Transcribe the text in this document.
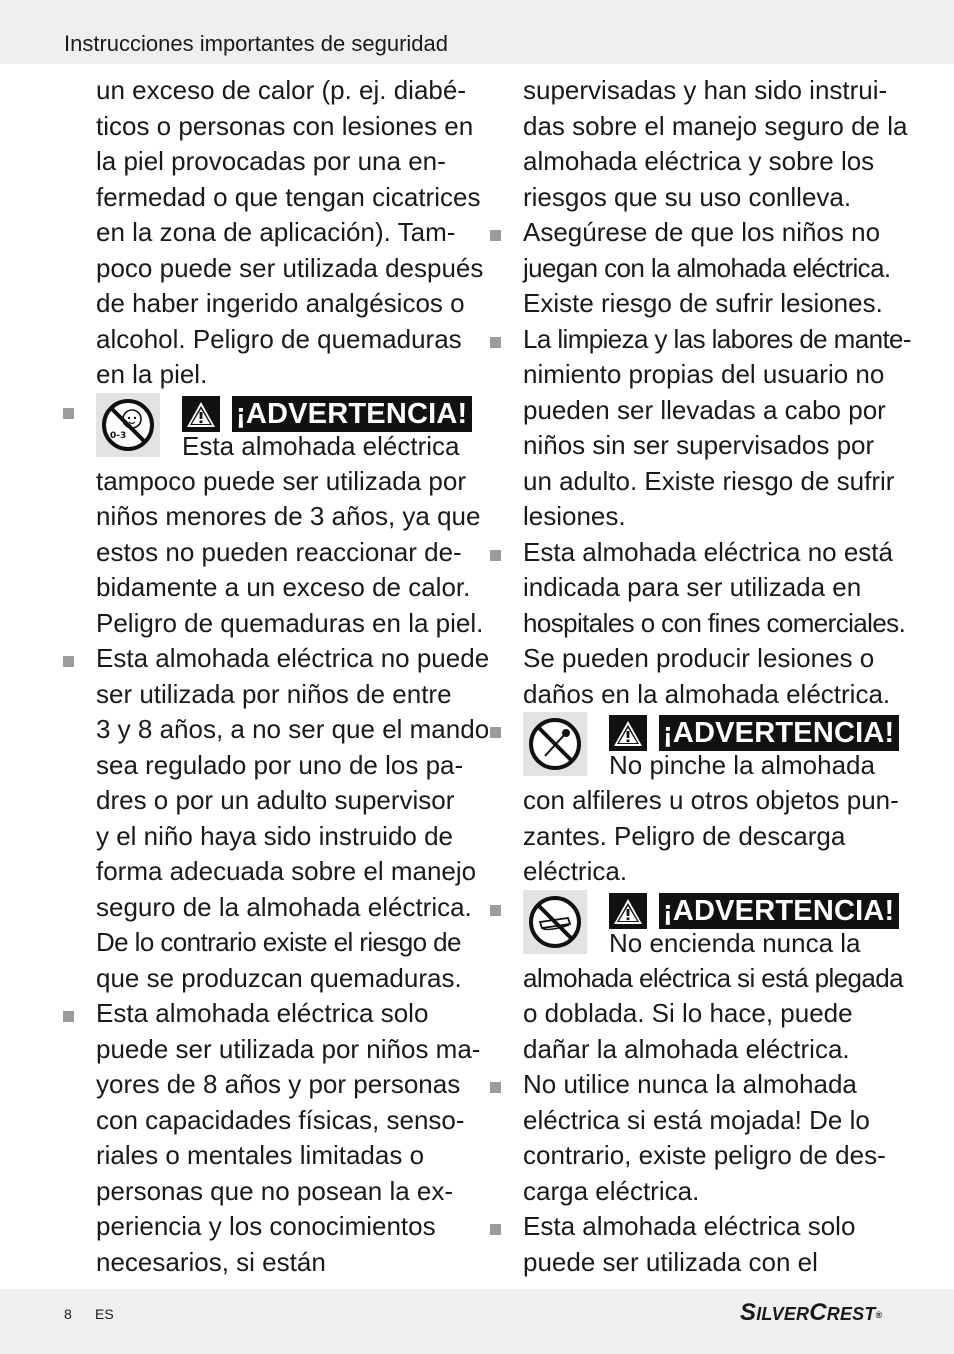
Instrucciones importantes de seguridad
un exceso de calor (p. ej. diabé-
ticos o personas con lesiones en
la piel provocadas por una en-
fermedad o que tengan cicatrices
en la zona de aplicación). Tam-
poco puede ser utilizada después
de haber ingerido analgésicos o
alcohol. Peligro de quemaduras
en la piel.
0-3
¡ADVERTENCIA!
Esta almohada eléctrica
tampoco puede ser utilizada por
niños menores de 3 años, ya que
estos no pueden reaccionar de-
bidamente a un exceso de calor.
Peligro de quemaduras en la piel.
Esta almohada eléctrica no puede
ser utilizada por niños de entre
3 y 8 años, a no ser que el mando
sea regulado por uno de los pa-
dres o por un adulto supervisor
y el niño haya sido instruido de
forma adecuada sobre el manejo
seguro de la almohada eléctrica.
De lo contrario existe el riesgo de
que se produzcan quemaduras.
Esta almohada eléctrica solo
puede ser utilizada por niños ma-
yores de 8 años y por personas
con capacidades físicas, senso-
riales o mentales limitadas o
personas que no posean la ex-
periencia y los conocimientos
necesarios, si están
supervisadas y han sido instrui-
das sobre el manejo seguro de la
almohada eléctrica y sobre los
riesgos que su uso conlleva.
Asegúrese de que los niños no
juegan con la almohada eléctrica.
Existe riesgo de sufrir lesiones.
La limpieza y las labores de mante-
nimiento propias del usuario no
pueden ser llevadas a cabo por
niños sin ser supervisados por
un adulto. Existe riesgo de sufrir
lesiones.
Esta almohada eléctrica no está
indicada para ser utilizada en
hospitales o con fines comerciales.
Se pueden producir lesiones o
daños en la almohada eléctrica.
¡ADVERTENCIA!
No pinche la almohada
con alfileres u otros objetos pun-
zantes. Peligro de descarga
eléctrica.
¡ADVERTENCIA!
No encienda nunca la
almohada eléctrica si está plegada
o doblada. Si lo hace, puede
dañar la almohada eléctrica.
No utilice nunca la almohada
eléctrica si está mojada! De lo
contrario, existe peligro de des-
carga eléctrica.
Esta almohada eléctrica solo
puede ser utilizada con el
8 ES	SILVERCREST®
